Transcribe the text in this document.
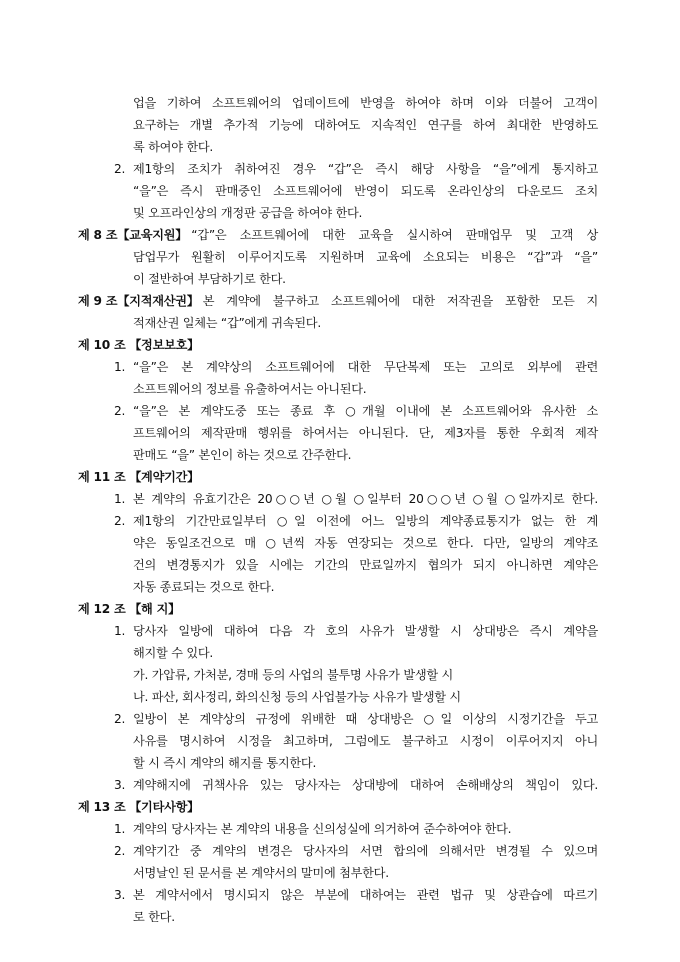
업을 기하여 소프트웨어의 업데이트에 반영을 하여야 하며 이와 더불어 고객이
요구하는 개별 추가적 기능에 대하여도 지속적인 연구를 하여 최대한 반영하도
록 하여야 한다.
2. 제1항의 조치가 취하여진 경우 “갑”은 즉시 해당 사항을 “을”에게 통지하고
“을”은 즉시 판매중인 소프트웨어에 반영이 되도록 온라인상의 다운로드 조치
및 오프라인상의 개정판 공급을 하여야 한다.
제 8 조【교육지원】 “갑”은 소프트웨어에 대한 교육을 실시하여 판매업무 및 고객 상
담업무가 원활히 이루어지도록 지원하며 교육에 소요되는 비용은 “갑”과 “을”
이 절반하여 부담하기로 한다.
제 9 조【지적재산권】 본 계약에 불구하고 소프트웨어에 대한 저작권을 포함한 모든 지
적재산권 일체는 “갑”에게 귀속된다.
제 10 조 【정보보호】
1. “을”은 본 계약상의 소프트웨어에 대한 무단복제 또는 고의로 외부에 관련
소프트웨어의 정보를 유출하여서는 아니된다.
2. “을”은 본 계약도중 또는 종료 후 ○개월 이내에 본 소프트웨어와 유사한 소
프트웨어의 제작판매 행위를 하여서는 아니된다. 단, 제3자를 통한 우회적 제작
판매도 “을” 본인이 하는 것으로 간주한다.
제 11 조 【계약기간】
1. 본 계약의 유효기간은 20○○년 ○월 ○일부터 20○○년 ○월 ○일까지로 한다.
2. 제1항의 기간만료일부터 ○일 이전에 어느 일방의 계약종료통지가 없는 한 계
약은 동일조건으로 매 ○년씩 자동 연장되는 것으로 한다. 다만, 일방의 계약조
건의 변경통지가 있을 시에는 기간의 만료일까지 협의가 되지 아니하면 계약은
자동 종료되는 것으로 한다.
제 12 조 【해 지】
1. 당사자 일방에 대하여 다음 각 호의 사유가 발생할 시 상대방은 즉시 계약을
해지할 수 있다.
가. 가압류, 가처분, 경매 등의 사업의 불투명 사유가 발생할 시
나. 파산, 회사정리, 화의신청 등의 사업불가능 사유가 발생할 시
2. 일방이 본 계약상의 규정에 위배한 때 상대방은 ○일 이상의 시정기간을 두고
사유를 명시하여 시정을 최고하며, 그럼에도 불구하고 시정이 이루어지지 아니
할 시 즉시 계약의 해지를 통지한다.
3. 계약해지에 귀책사유 있는 당사자는 상대방에 대하여 손해배상의 책임이 있다.
제 13 조 【기타사항】
1. 계약의 당사자는 본 계약의 내용을 신의성실에 의거하여 준수하여야 한다.
2. 계약기간 중 계약의 변경은 당사자의 서면 합의에 의해서만 변경될 수 있으며
서명날인 된 문서를 본 계약서의 말미에 첨부한다.
3. 본 계약서에서 명시되지 않은 부분에 대하여는 관련 법규 및 상관습에 따르기
로 한다.
